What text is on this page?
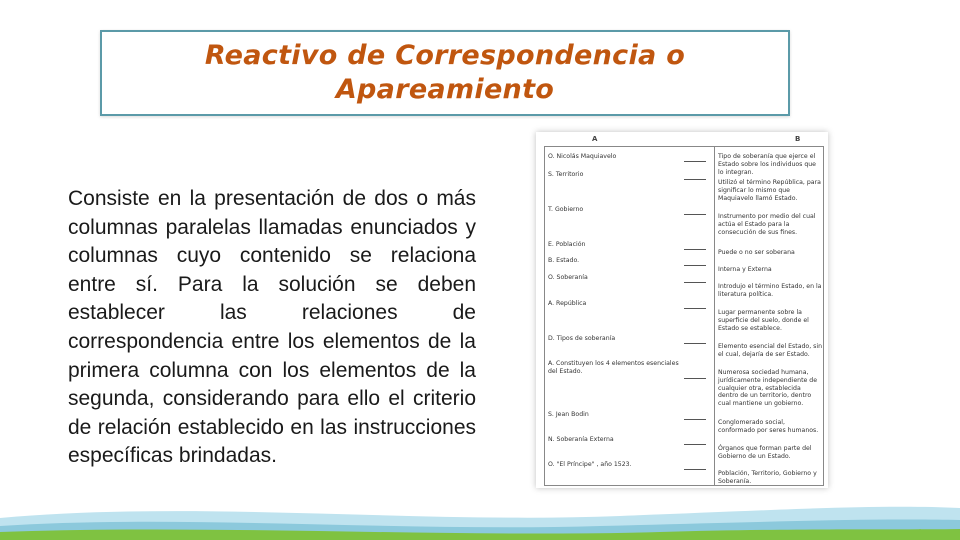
Reactivo de Correspondencia o
Apareamiento

Consiste en la presentación de dos o más columnas paralelas llamadas enunciados y columnas cuyo contenido se relaciona entre sí. Para la solución se deben establecer las relaciones de correspondencia entre los elementos de la primera columna con los elementos de la segunda, considerando para ello el criterio de relación establecido en las instrucciones específicas brindadas.

A	B
O. Nicolás Maquiavelo
S. Territorio
T. Gobierno
E. Población
B. Estado.
O. Soberanía
A. República
D. Tipos de soberanía
A. Constituyen los 4 elementos esenciales del Estado.
S. Jean Bodin
N. Soberanía Externa
O. "El Príncipe" , año 1523.
Tipo de soberanía que ejerce el Estado sobre los individuos que lo integran.
Utilizó el término República, para significar lo mismo que Maquiavelo llamó Estado.
Instrumento por medio del cual actúa el Estado para la consecución de sus fines.
Puede o no ser soberana
Interna y Externa
Introdujo el término Estado, en la literatura política.
Lugar permanente sobre la superficie del suelo, donde el Estado se establece.
Elemento esencial del Estado, sin el cual, dejaría de ser Estado.
Numerosa sociedad humana, jurídicamente independiente de cualquier otra, establecida dentro de un territorio, dentro cual mantiene un gobierno.
Conglomerado social, conformado por seres humanos.
Órganos que forman parte del Gobierno de un Estado.
Población, Territorio, Gobierno y Soberanía.
